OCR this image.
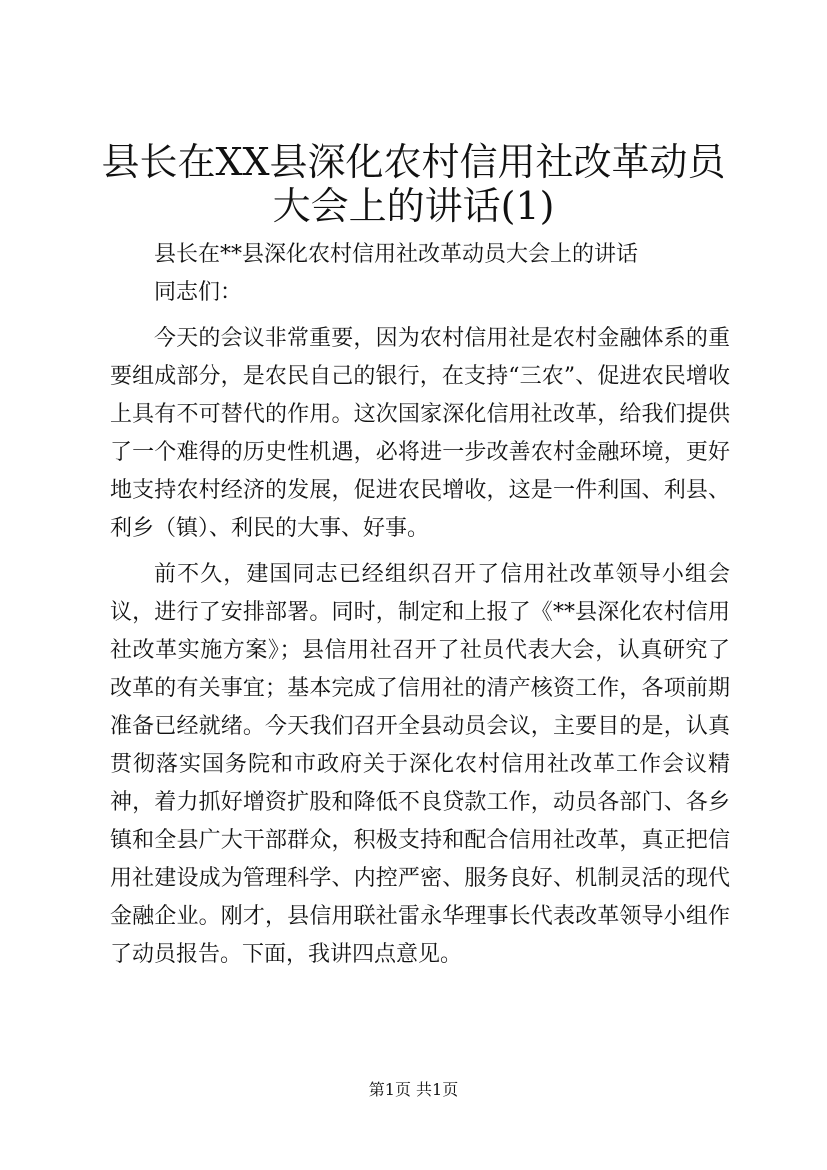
县长在XX县深化农村信用社改革动员大会上的讲话(1)

县长在**县深化农村信用社改革动员大会上的讲话

同志们：

今天的会议非常重要，因为农村信用社是农村金融体系的重要组成部分，是农民自己的银行，在支持“三农”、促进农民增收上具有不可替代的作用。这次国家深化信用社改革，给我们提供了一个难得的历史性机遇，必将进一步改善农村金融环境，更好地支持农村经济的发展，促进农民增收，这是一件利国、利县、利乡（镇）、利民的大事、好事。

前不久，建国同志已经组织召开了信用社改革领导小组会议，进行了安排部署。同时，制定和上报了《**县深化农村信用社改革实施方案》；县信用社召开了社员代表大会，认真研究了改革的有关事宜；基本完成了信用社的清产核资工作，各项前期准备已经就绪。今天我们召开全县动员会议，主要目的是，认真贯彻落实国务院和市政府关于深化农村信用社改革工作会议精神，着力抓好增资扩股和降低不良贷款工作，动员各部门、各乡镇和全县广大干部群众，积极支持和配合信用社改革，真正把信用社建设成为管理科学、内控严密、服务良好、机制灵活的现代金融企业。刚才，县信用联社雷永华理事长代表改革领导小组作了动员报告。下面，我讲四点意见。

第1页 共1页
